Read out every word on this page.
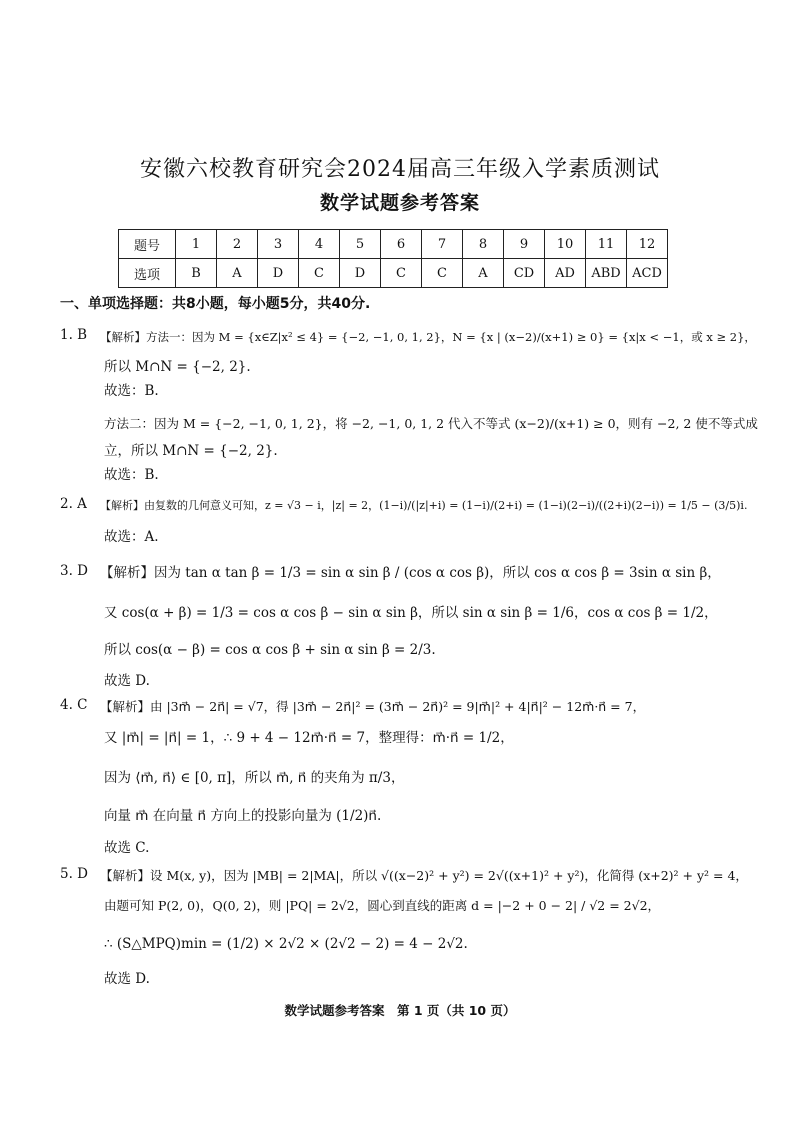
安徽六校教育研究会2024届高三年级入学素质测试
数学试题参考答案
题号	1	2	3	4	5	6	7	8	9	10	11	12
选项	B	A	D	C	D	C	C	A	CD	AD	ABD	ACD
一、单项选择题：共8小题，每小题5分，共40分.
1. B 【解析】方法一：因为 M = {x∈Z|x² ≤ 4} = {−2, −1, 0, 1, 2}，N = {x | (x−2)/(x+1) ≥ 0} = {x|x < −1，或 x ≥ 2}，
所以 M∩N = {−2, 2}.
故选：B.
方法二：因为 M = {−2, −1, 0, 1, 2}，将 −2, −1, 0, 1, 2 代入不等式 (x−2)/(x+1) ≥ 0，则有 −2, 2 使不等式成
立，所以 M∩N = {−2, 2}.
故选：B.
2. A 【解析】由复数的几何意义可知，z = √3 − i，|z| = 2，(1−i)/(|z|+i) = (1−i)/(2+i) = (1−i)(2−i)/((2+i)(2−i)) = 1/5 − (3/5)i.
故选：A.
3. D 【解析】因为 tan α tan β = 1/3 = sin α sin β / (cos α cos β)，所以 cos α cos β = 3sin α sin β，
又 cos(α + β) = 1/3 = cos α cos β − sin α sin β，所以 sin α sin β = 1/6，cos α cos β = 1/2，
所以 cos(α − β) = cos α cos β + sin α sin β = 2/3.
故选 D.
4. C 【解析】由 |3m⃗ − 2n⃗| = √7，得 |3m⃗ − 2n⃗|² = (3m⃗ − 2n⃗)² = 9|m⃗|² + 4|n⃗|² − 12m⃗·n⃗ = 7，
又 |m⃗| = |n⃗| = 1，∴ 9 + 4 − 12m⃗·n⃗ = 7，整理得：m⃗·n⃗ = 1/2，
因为 ⟨m⃗, n⃗⟩ ∈ [0, π]，所以 m⃗, n⃗ 的夹角为 π/3，
向量 m⃗ 在向量 n⃗ 方向上的投影向量为 (1/2)n⃗.
故选 C.
5. D 【解析】设 M(x, y)，因为 |MB| = 2|MA|，所以 √((x−2)² + y²) = 2√((x+1)² + y²)，化简得 (x+2)² + y² = 4，
由题可知 P(2, 0)，Q(0, 2)，则 |PQ| = 2√2，圆心到直线的距离 d = |−2 + 0 − 2| / √2 = 2√2，
∴ (S△MPQ)min = (1/2) × 2√2 × (2√2 − 2) = 4 − 2√2.
故选 D.
数学试题参考答案　第 1 页（共 10 页）
